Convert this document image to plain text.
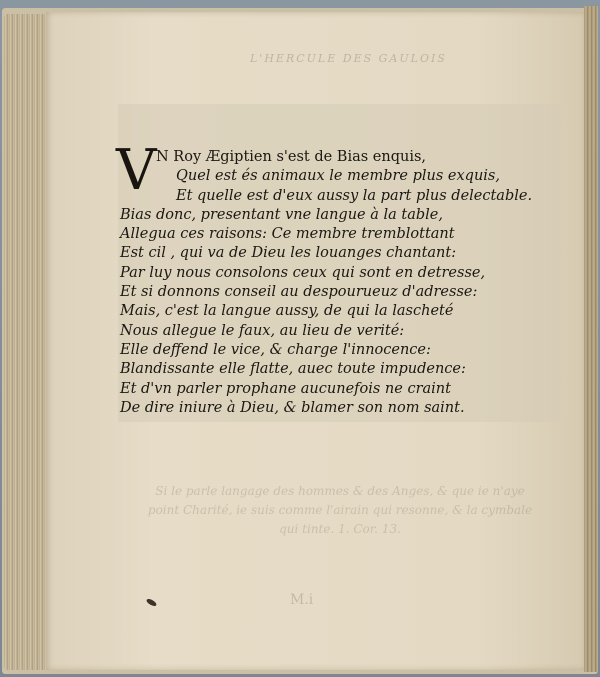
L'HERCULE DES GAULOIS
V N Roy Ægiptien s'est de Bias enquis,
Quel est és animaux le membre plus exquis,
Et quelle est d'eux aussy la part plus delectable.
Bias donc, presentant vne langue à la table,
Allegua ces raisons: Ce membre tremblottant
Est cil , qui va de Dieu les louanges chantant:
Par luy nous consolons ceux qui sont en detresse,
Et si donnons conseil au despourueuz d'adresse:
Mais, c'est la langue aussy, de qui la lascheté
Nous allegue le faux, au lieu de verité:
Elle deffend le vice, & charge l'innocence:
Blandissante elle flatte, auec toute impudence:
Et d'vn parler prophane aucunefois ne craint
De dire iniure à Dieu, & blamer son nom saint.
Si le parle langage des hommes & des Anges, & que ie n'aye point Charité, ie suis comme l'airain qui resonne, & la cymbale qui tinte. 1. Cor. 13.
M.i
